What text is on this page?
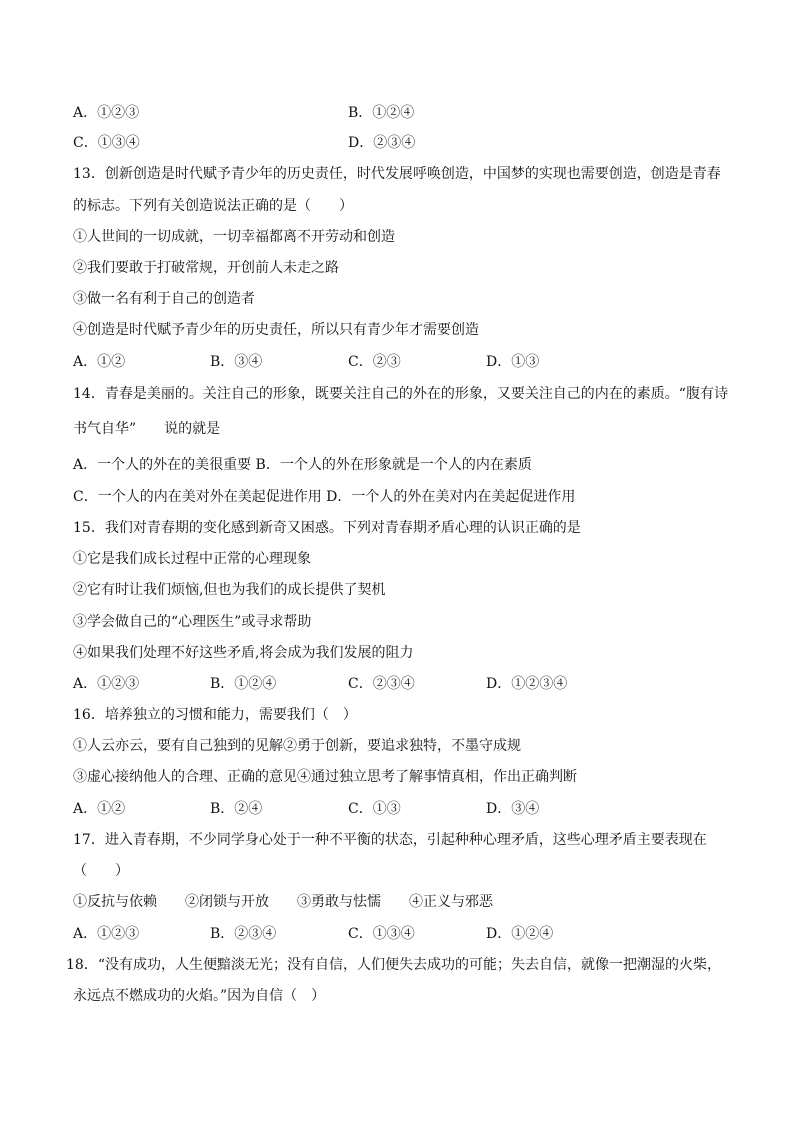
A．①②③	B．①②④
C．①③④	D．②③④
13．创新创造是时代赋予青少年的历史责任，时代发展呼唤创造，中国梦的实现也需要创造，创造是青春
的标志。下列有关创造说法正确的是（　　）
①人世间的一切成就，一切幸福都离不开劳动和创造
②我们要敢于打破常规，开创前人未走之路
③做一名有利于自己的创造者
④创造是时代赋予青少年的历史责任，所以只有青少年才需要创造
A．①②	B．③④	C．②③	D．①③
14．青春是美丽的。关注自己的形象，既要关注自己的外在的形象，又要关注自己的内在的素质。“腹有诗
书气自华”　　说的就是
A．一个人的外在的美很重要 B．一个人的外在形象就是一个人的内在素质
C．一个人的内在美对外在美起促进作用 D．一个人的外在美对内在美起促进作用
15．我们对青春期的变化感到新奇又困惑。下列对青春期矛盾心理的认识正确的是
①它是我们成长过程中正常的心理现象
②它有时让我们烦恼,但也为我们的成长提供了契机
③学会做自己的“心理医生”或寻求帮助
④如果我们处理不好这些矛盾,将会成为我们发展的阻力
A．①②③	B．①②④	C．②③④	D．①②③④
16．培养独立的习惯和能力，需要我们（　）
①人云亦云，要有自己独到的见解②勇于创新，要追求独特，不墨守成规
③虚心接纳他人的合理、正确的意见④通过独立思考了解事情真相，作出正确判断
A．①②	B．②④	C．①③	D．③④
17．进入青春期，不少同学身心处于一种不平衡的状态，引起种种心理矛盾，这些心理矛盾主要表现在
（　　）
①反抗与依赖　　②闭锁与开放　　③勇敢与怯懦　　④正义与邪恶
A．①②③	B．②③④	C．①③④	D．①②④
18．“没有成功，人生便黯淡无光；没有自信，人们便失去成功的可能；失去自信，就像一把潮湿的火柴，
永远点不燃成功的火焰。”因为自信（　）
